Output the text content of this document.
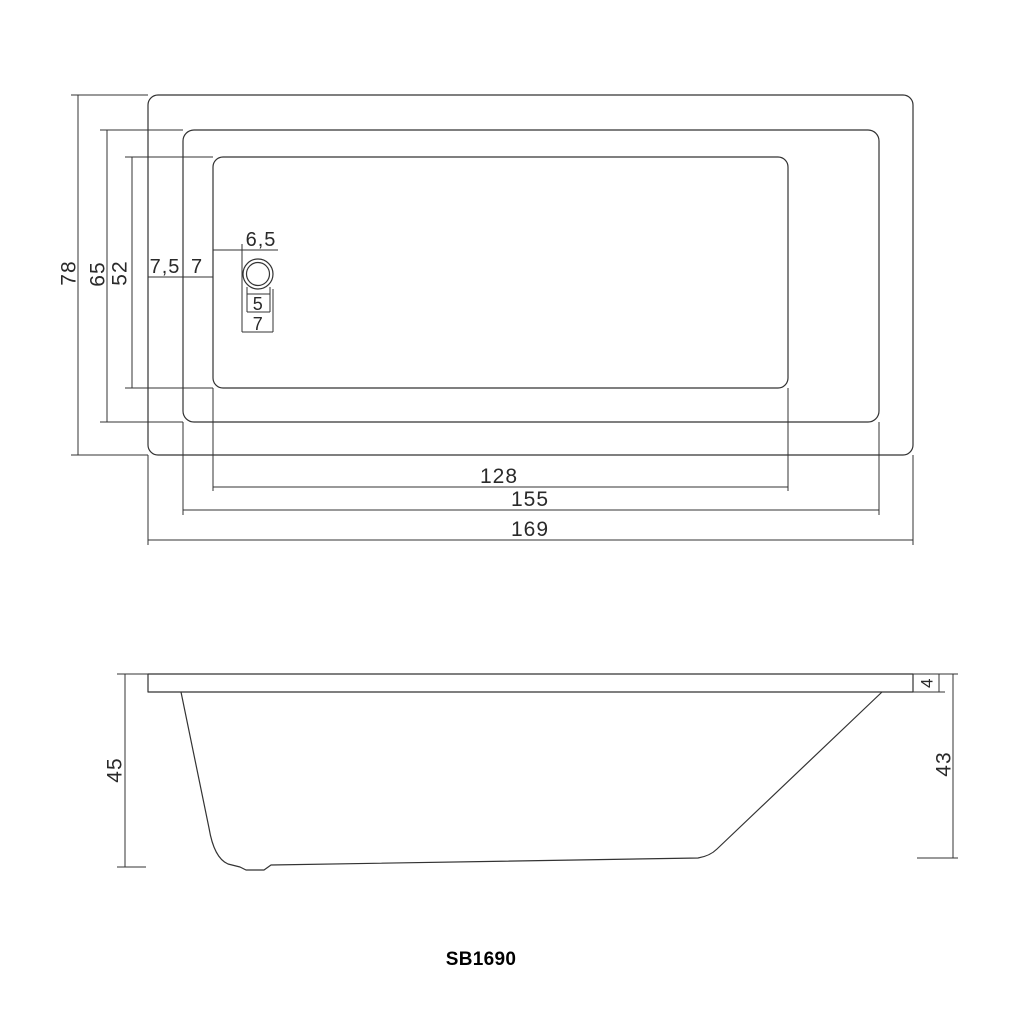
78 65 52 7,5 7
6,5
5
7
128
155
169
45
4
43
SB1690
